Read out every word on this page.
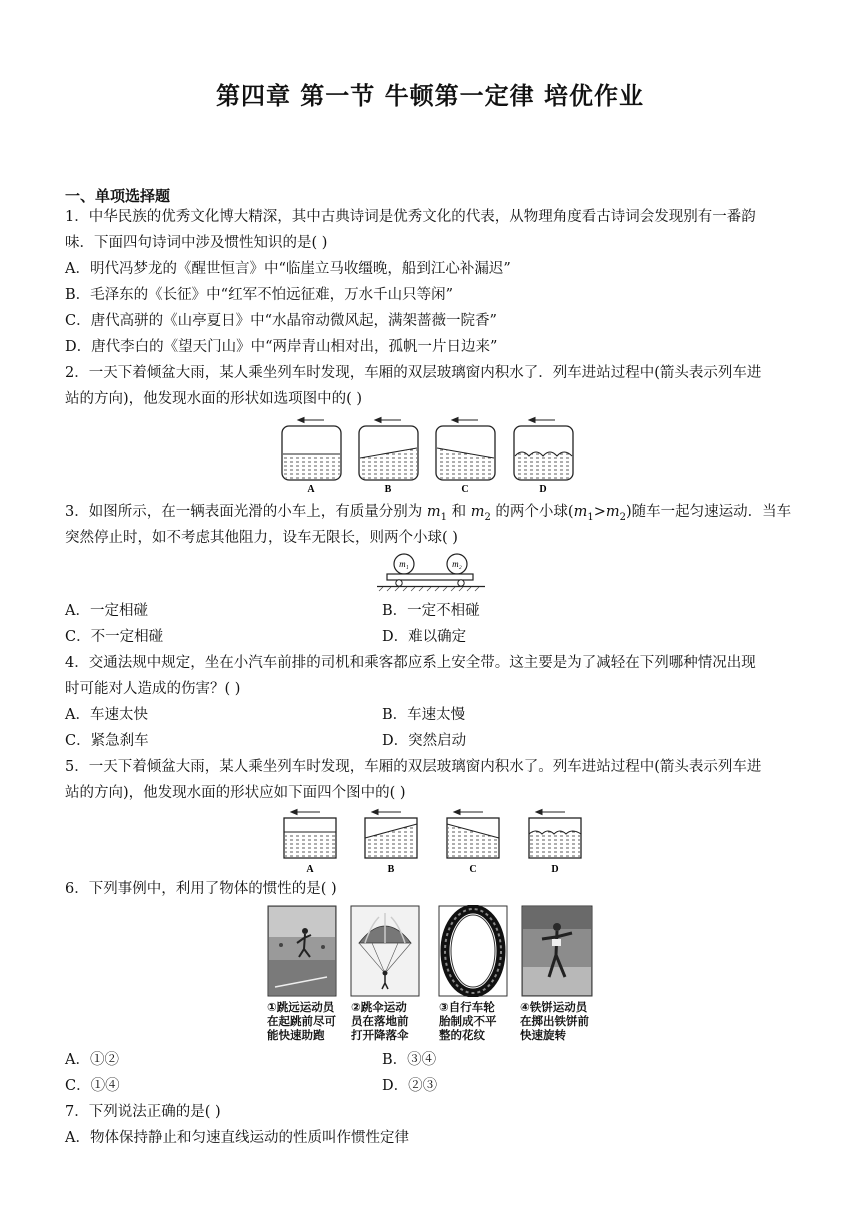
第四章 第一节 牛顿第一定律 培优作业
一、单项选择题
1．中华民族的优秀文化博大精深，其中古典诗词是优秀文化的代表，从物理角度看古诗词会发现别有一番韵
味．下面四句诗词中涉及惯性知识的是( )
A．明代冯梦龙的《醒世恒言》中“临崖立马收缰晚，船到江心补漏迟”
B．毛泽东的《长征》中“红军不怕远征难，万水千山只等闲”
C．唐代高骈的《山亭夏日》中“水晶帘动微风起，满架蔷薇一院香”
D．唐代李白的《望天门山》中“两岸青山相对出，孤帆一片日边来”
2．一天下着倾盆大雨，某人乘坐列车时发现，车厢的双层玻璃窗内积水了．列车进站过程中(箭头表示列车进
站的方向)，他发现水面的形状如选项图中的( )
A	B	C	D
3．如图所示，在一辆表面光滑的小车上，有质量分别为 $m_1$ 和 $m_2$ 的两个小球$(m_1>m_2)$随车一起匀速运动．当车
突然停止时，如不考虑其他阻力，设车无限长，则两个小球( )
m₁	m₂
A．一定相碰	B．一定不相碰
C．不一定相碰	D．难以确定
4．交通法规中规定，坐在小汽车前排的司机和乘客都应系上安全带。这主要是为了减轻在下列哪种情况出现
时可能对人造成的伤害？( )
A．车速太快	B．车速太慢
C．紧急刹车	D．突然启动
5．一天下着倾盆大雨，某人乘坐列车时发现，车厢的双层玻璃窗内积水了。列车进站过程中(箭头表示列车进
站的方向)，他发现水面的形状应如下面四个图中的( )
A	B	C	D
6．下列事例中，利用了物体的惯性的是( )
①跳远运动员
在起跳前尽可
能快速助跑
②跳伞运动
员在落地前
打开降落伞
③自行车轮
胎制成不平
整的花纹
④铁饼运动员
在掷出铁饼前
快速旋转
A．①②	B．③④
C．①④	D．②③
7．下列说法正确的是( )
A．物体保持静止和匀速直线运动的性质叫作惯性定律
